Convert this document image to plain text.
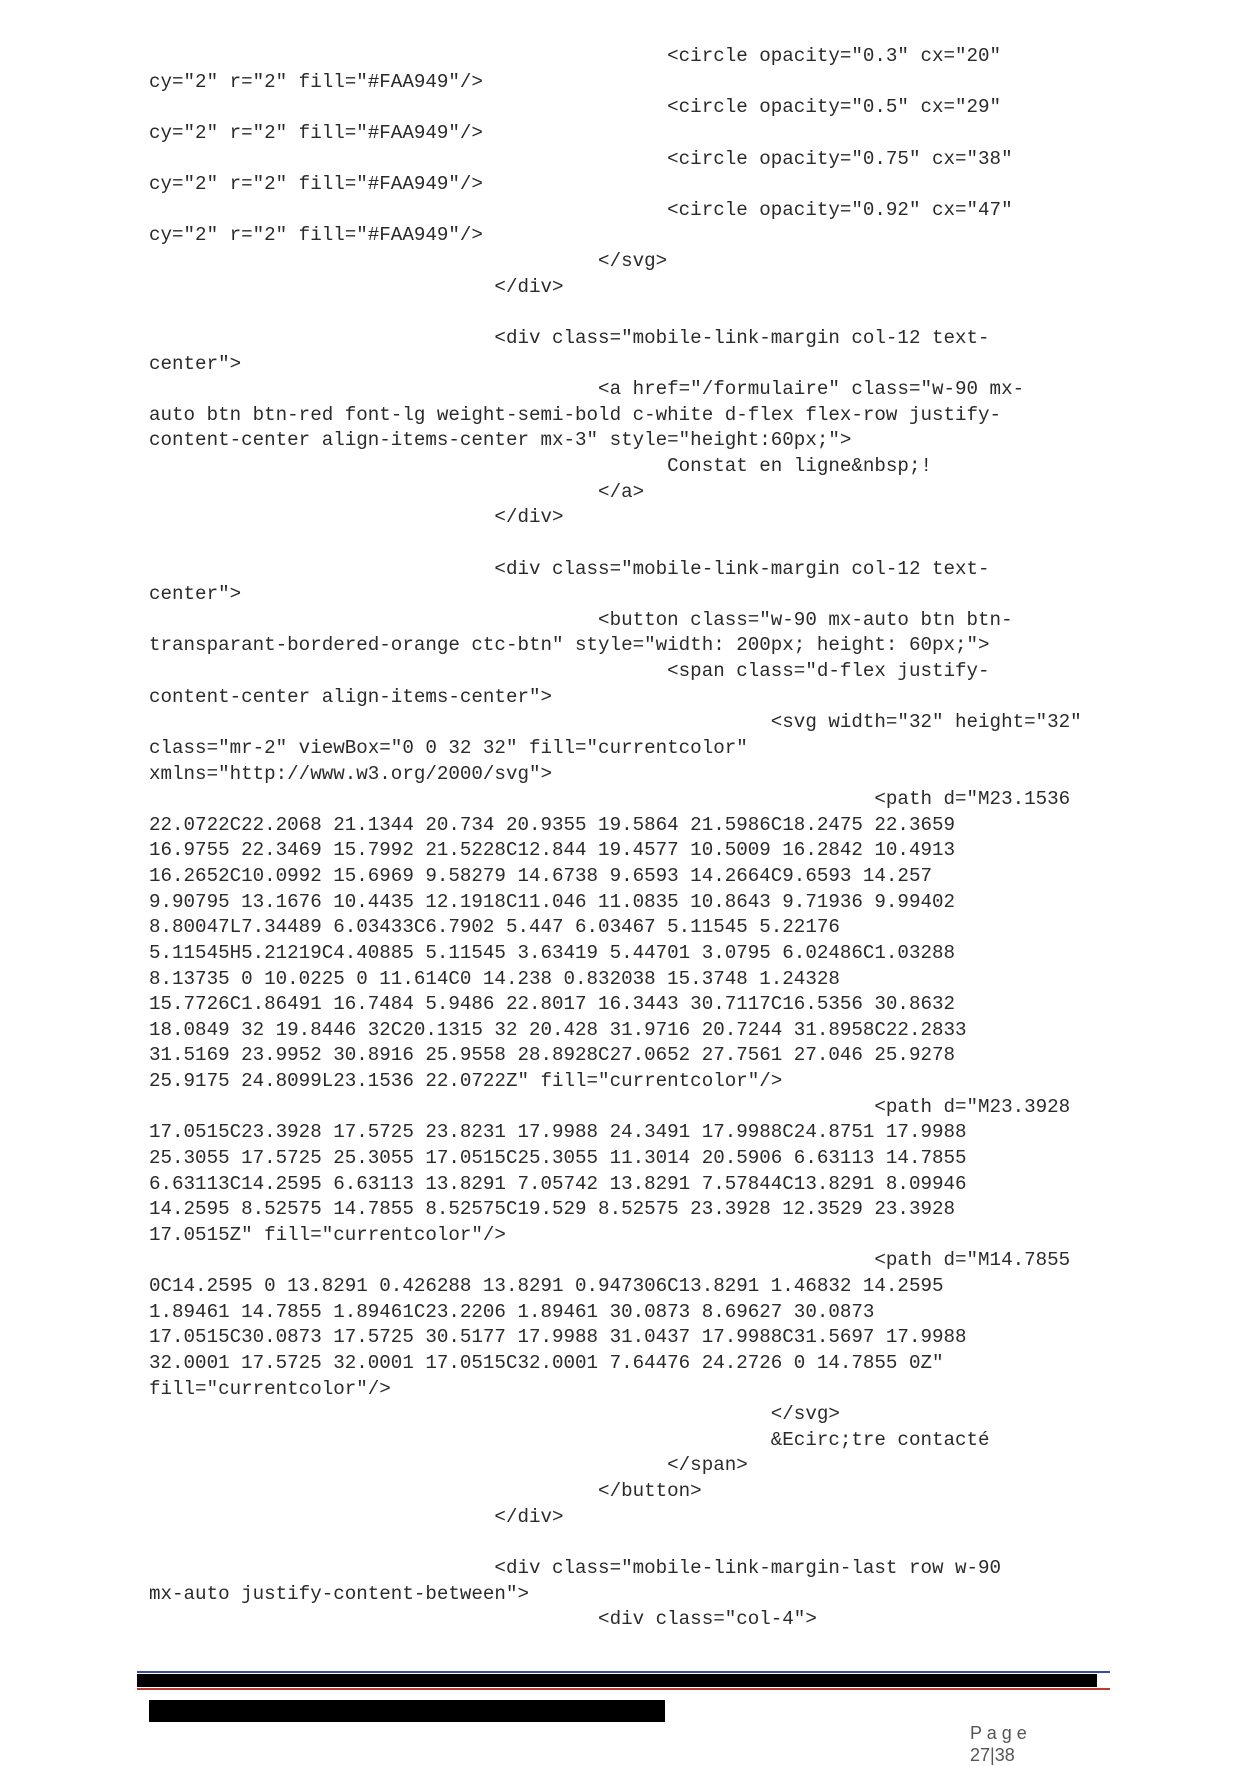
<circle opacity="0.3" cx="20"
cy="2" r="2" fill="#FAA949"/>
<circle opacity="0.5" cx="29"
cy="2" r="2" fill="#FAA949"/>
<circle opacity="0.75" cx="38"
cy="2" r="2" fill="#FAA949"/>
<circle opacity="0.92" cx="47"
cy="2" r="2" fill="#FAA949"/>
</svg>
</div>
<div class="mobile-link-margin col-12 text-
center">
<a href="/formulaire" class="w-90 mx-
auto btn btn-red font-lg weight-semi-bold c-white d-flex flex-row justify-
content-center align-items-center mx-3" style="height:60px;">
Constat en ligne&nbsp;!
</a>
</div>
<div class="mobile-link-margin col-12 text-
center">
<button class="w-90 mx-auto btn btn-
transparant-bordered-orange ctc-btn" style="width: 200px; height: 60px;">
<span class="d-flex justify-
content-center align-items-center">
<svg width="32" height="32"
class="mr-2" viewBox="0 0 32 32" fill="currentcolor"
xmlns="http://www.w3.org/2000/svg">
<path d="M23.1536
22.0722C22.2068 21.1344 20.734 20.9355 19.5864 21.5986C18.2475 22.3659
16.9755 22.3469 15.7992 21.5228C12.844 19.4577 10.5009 16.2842 10.4913
16.2652C10.0992 15.6969 9.58279 14.6738 9.6593 14.2664C9.6593 14.257
9.90795 13.1676 10.4435 12.1918C11.046 11.0835 10.8643 9.71936 9.99402
8.80047L7.34489 6.03433C6.7902 5.447 6.03467 5.11545 5.22176
5.11545H5.21219C4.40885 5.11545 3.63419 5.44701 3.0795 6.02486C1.03288
8.13735 0 10.0225 0 11.614C0 14.238 0.832038 15.3748 1.24328
15.7726C1.86491 16.7484 5.9486 22.8017 16.3443 30.7117C16.5356 30.8632
18.0849 32 19.8446 32C20.1315 32 20.428 31.9716 20.7244 31.8958C22.2833
31.5169 23.9952 30.8916 25.9558 28.8928C27.0652 27.7561 27.046 25.9278
25.9175 24.8099L23.1536 22.0722Z" fill="currentcolor"/>
<path d="M23.3928
17.0515C23.3928 17.5725 23.8231 17.9988 24.3491 17.9988C24.8751 17.9988
25.3055 17.5725 25.3055 17.0515C25.3055 11.3014 20.5906 6.63113 14.7855
6.63113C14.2595 6.63113 13.8291 7.05742 13.8291 7.57844C13.8291 8.09946
14.2595 8.52575 14.7855 8.52575C19.529 8.52575 23.3928 12.3529 23.3928
17.0515Z" fill="currentcolor"/>
<path d="M14.7855
0C14.2595 0 13.8291 0.426288 13.8291 0.947306C13.8291 1.46832 14.2595
1.89461 14.7855 1.89461C23.2206 1.89461 30.0873 8.69627 30.0873
17.0515C30.0873 17.5725 30.5177 17.9988 31.0437 17.9988C31.5697 17.9988
32.0001 17.5725 32.0001 17.0515C32.0001 7.64476 24.2726 0 14.7855 0Z"
fill="currentcolor"/>
</svg>
&Ecirc;tre contacté
</span>
</button>
</div>
<div class="mobile-link-margin-last row w-90
mx-auto justify-content-between">
<div class="col-4">

P a g e
27|38
